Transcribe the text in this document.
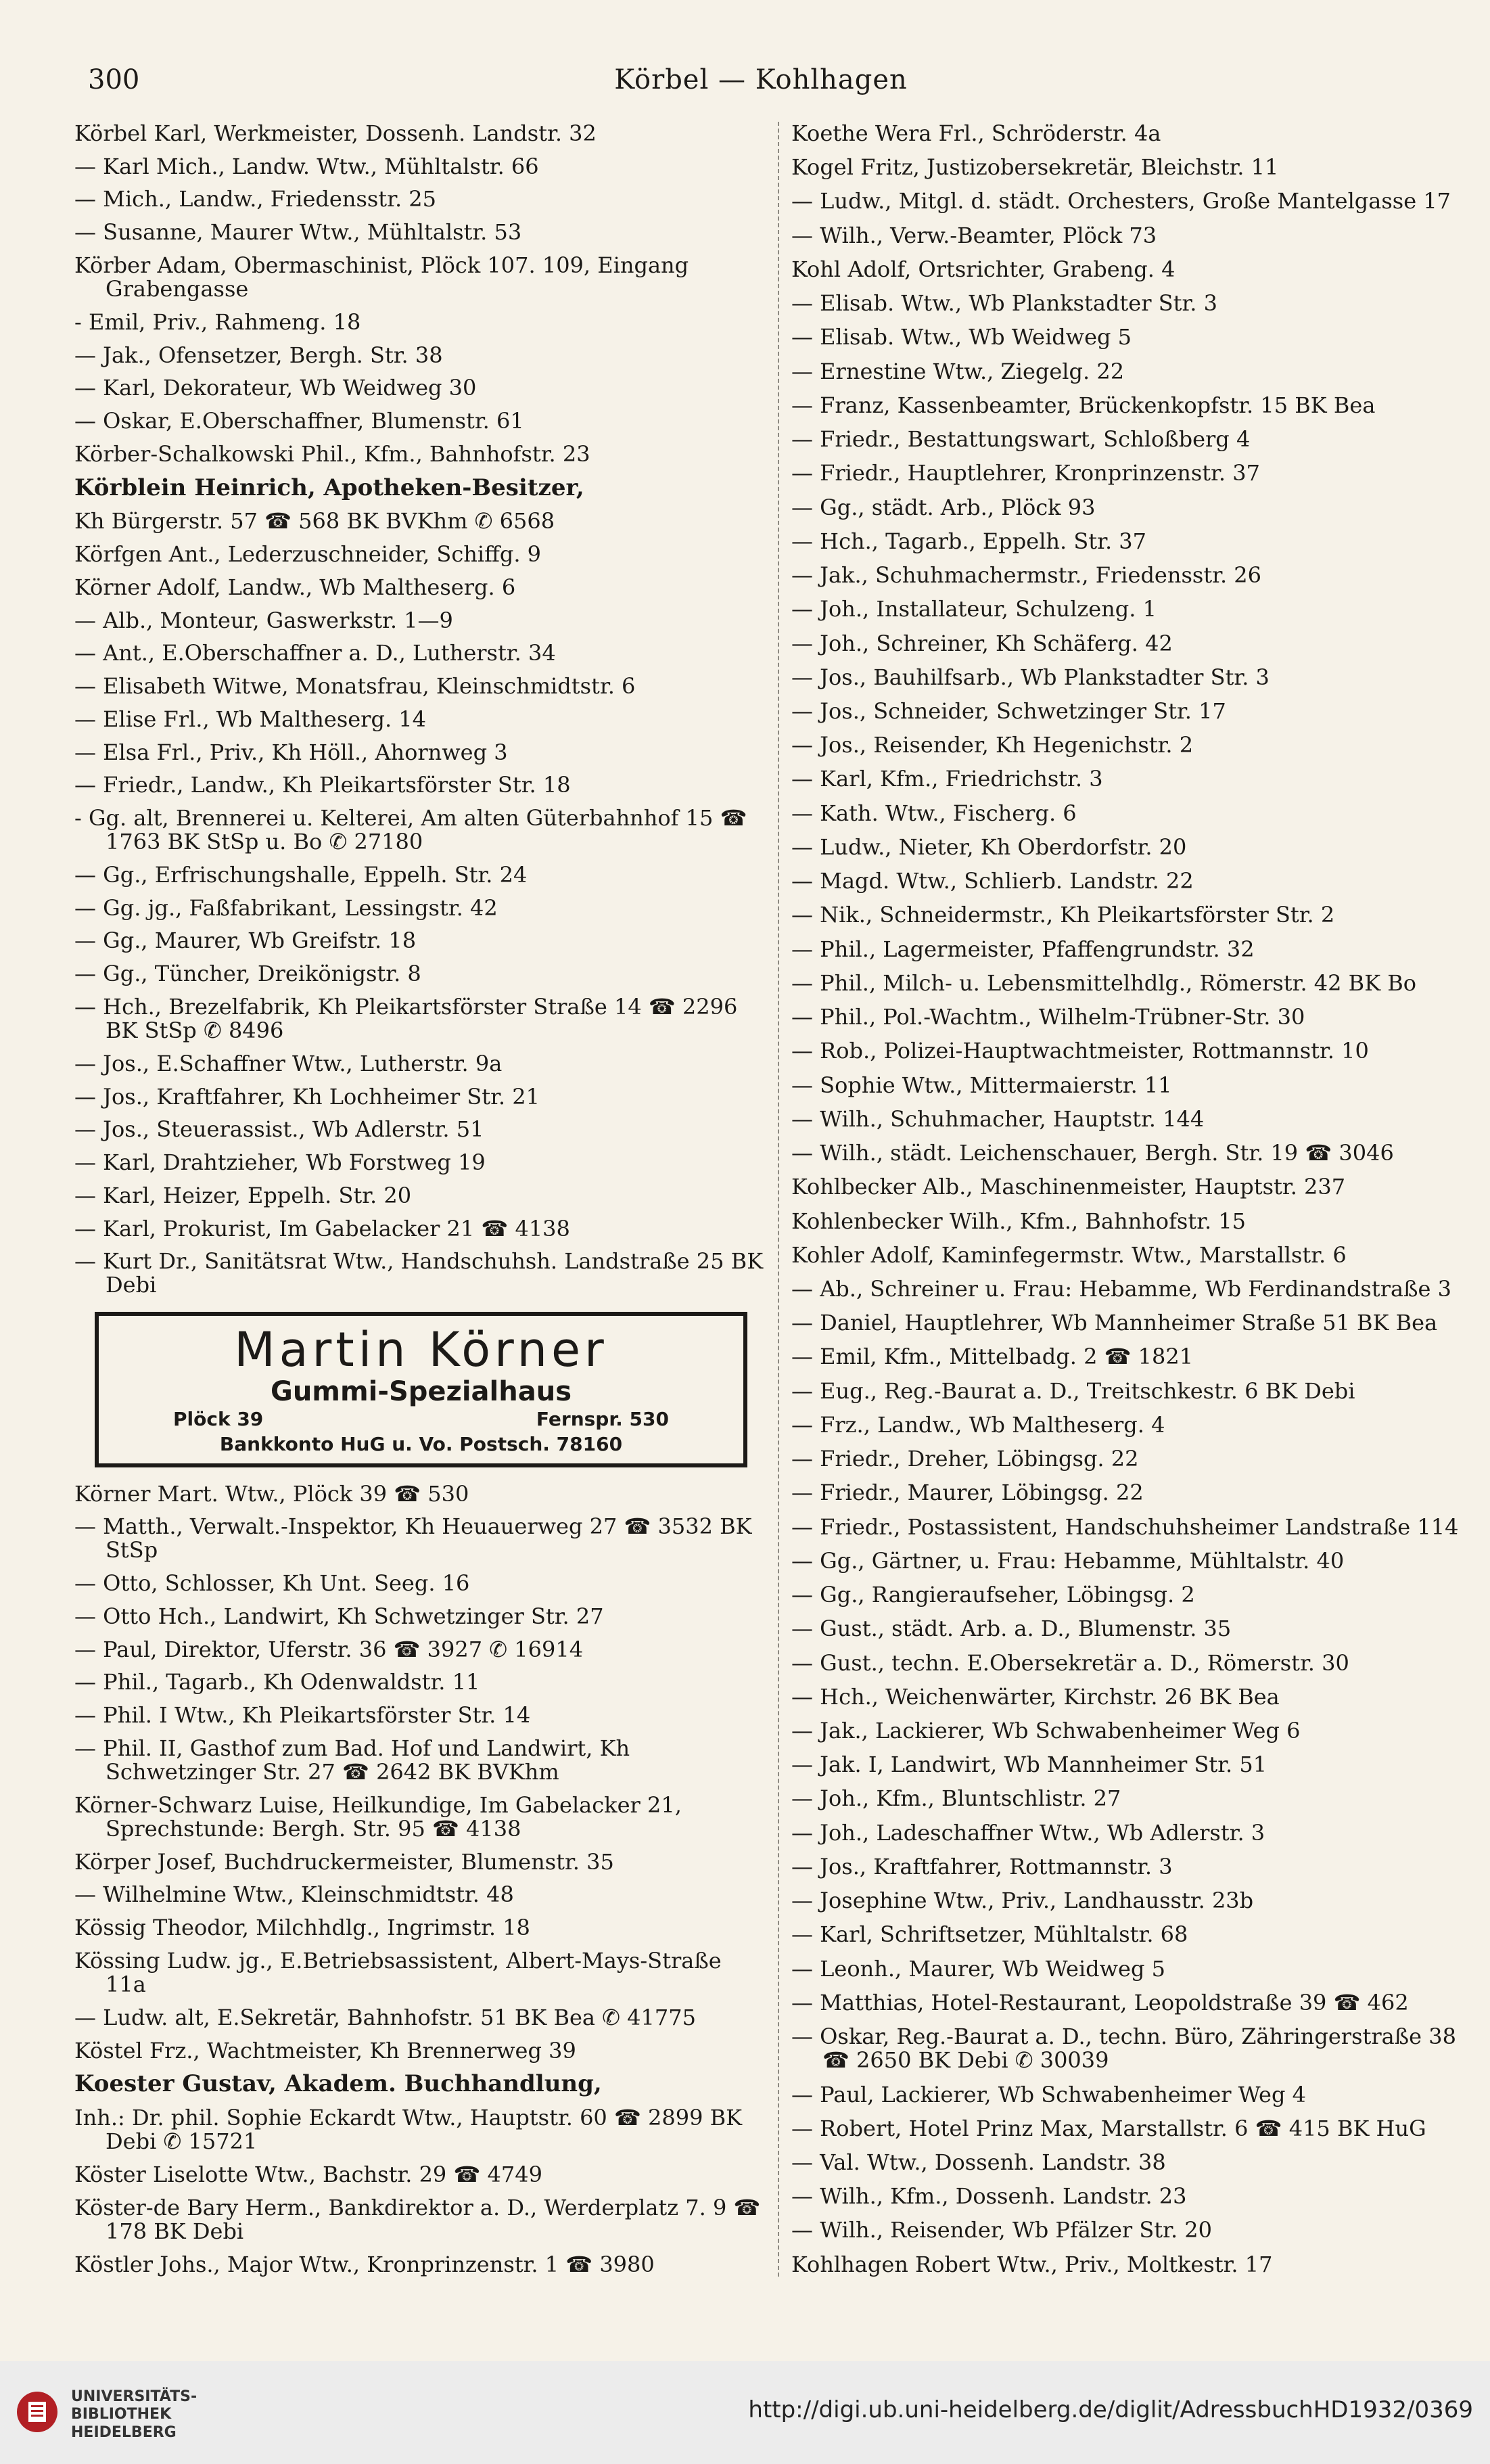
300	Körbel — Kohlhagen
Körbel Karl, Werkmeister, Dossenh. Landstr. 32
— Karl Mich., Landw. Wtw., Mühltalstr. 66
— Mich., Landw., Friedensstr. 25
— Susanne, Maurer Wtw., Mühltalstr. 53
Körber Adam, Obermaschinist, Plöck 107. 109, Eingang Grabengasse
- Emil, Priv., Rahmeng. 18
— Jak., Ofensetzer, Bergh. Str. 38
— Karl, Dekorateur, Wb Weidweg 30
— Oskar, E.Oberschaffner, Blumenstr. 61
Körber-Schalkowski Phil., Kfm., Bahnhofstr. 23
Körblein Heinrich, Apotheken-Besitzer,
Kh Bürgerstr. 57 ☎ 568 BK BVKhm ✆ 6568
Körfgen Ant., Lederzuschneider, Schiffg. 9
Körner Adolf, Landw., Wb Maltheserg. 6
— Alb., Monteur, Gaswerkstr. 1—9
— Ant., E.Oberschaffner a. D., Lutherstr. 34
— Elisabeth Witwe, Monatsfrau, Kleinschmidtstr. 6
— Elise Frl., Wb Maltheserg. 14
— Elsa Frl., Priv., Kh Höll., Ahornweg 3
— Friedr., Landw., Kh Pleikartsförster Str. 18
- Gg. alt, Brennerei u. Kelterei, Am alten Güterbahnhof 15 ☎ 1763 BK StSp u. Bo ✆ 27180
— Gg., Erfrischungshalle, Eppelh. Str. 24
— Gg. jg., Faßfabrikant, Lessingstr. 42
— Gg., Maurer, Wb Greifstr. 18
— Gg., Tüncher, Dreikönigstr. 8
— Hch., Brezelfabrik, Kh Pleikartsförster Straße 14 ☎ 2296 BK StSp ✆ 8496
— Jos., E.Schaffner Wtw., Lutherstr. 9a
— Jos., Kraftfahrer, Kh Lochheimer Str. 21
— Jos., Steuerassist., Wb Adlerstr. 51
— Karl, Drahtzieher, Wb Forstweg 19
— Karl, Heizer, Eppelh. Str. 20
— Karl, Prokurist, Im Gabelacker 21 ☎ 4138
— Kurt Dr., Sanitätsrat Wtw., Handschuhsh. Landstraße 25 BK Debi
Martin Körner
Gummi-Spezialhaus
Plöck 39	Fernspr. 530
Bankkonto HuG u. Vo. Postsch. 78160
Körner Mart. Wtw., Plöck 39 ☎ 530
— Matth., Verwalt.-Inspektor, Kh Heuauerweg 27 ☎ 3532 BK StSp
— Otto, Schlosser, Kh Unt. Seeg. 16
— Otto Hch., Landwirt, Kh Schwetzinger Str. 27
— Paul, Direktor, Uferstr. 36 ☎ 3927 ✆ 16914
— Phil., Tagarb., Kh Odenwaldstr. 11
— Phil. I Wtw., Kh Pleikartsförster Str. 14
— Phil. II, Gasthof zum Bad. Hof und Landwirt, Kh Schwetzinger Str. 27 ☎ 2642 BK BVKhm
Körner-Schwarz Luise, Heilkundige, Im Gabelacker 21, Sprechstunde: Bergh. Str. 95 ☎ 4138
Körper Josef, Buchdruckermeister, Blumenstr. 35
— Wilhelmine Wtw., Kleinschmidtstr. 48
Kössig Theodor, Milchhdlg., Ingrimstr. 18
Kössing Ludw. jg., E.Betriebsassistent, Albert-Mays-Straße 11a
— Ludw. alt, E.Sekretär, Bahnhofstr. 51 BK Bea ✆ 41775
Köstel Frz., Wachtmeister, Kh Brennerweg 39
Koester Gustav, Akadem. Buchhandlung,
Inh.: Dr. phil. Sophie Eckardt Wtw., Hauptstr. 60 ☎ 2899 BK Debi ✆ 15721
Köster Liselotte Wtw., Bachstr. 29 ☎ 4749
Köster-de Bary Herm., Bankdirektor a. D., Werderplatz 7. 9 ☎ 178 BK Debi
Köstler Johs., Major Wtw., Kronprinzenstr. 1 ☎ 3980
Koethe Wera Frl., Schröderstr. 4a
Kogel Fritz, Justizobersekretär, Bleichstr. 11
— Ludw., Mitgl. d. städt. Orchesters, Große Mantelgasse 17
— Wilh., Verw.-Beamter, Plöck 73
Kohl Adolf, Ortsrichter, Grabeng. 4
— Elisab. Wtw., Wb Plankstadter Str. 3
— Elisab. Wtw., Wb Weidweg 5
— Ernestine Wtw., Ziegelg. 22
— Franz, Kassenbeamter, Brückenkopfstr. 15 BK Bea
— Friedr., Bestattungswart, Schloßberg 4
— Friedr., Hauptlehrer, Kronprinzenstr. 37
— Gg., städt. Arb., Plöck 93
— Hch., Tagarb., Eppelh. Str. 37
— Jak., Schuhmachermstr., Friedensstr. 26
— Joh., Installateur, Schulzeng. 1
— Joh., Schreiner, Kh Schäferg. 42
— Jos., Bauhilfsarb., Wb Plankstadter Str. 3
— Jos., Schneider, Schwetzinger Str. 17
— Jos., Reisender, Kh Hegenichstr. 2
— Karl, Kfm., Friedrichstr. 3
— Kath. Wtw., Fischerg. 6
— Ludw., Nieter, Kh Oberdorfstr. 20
— Magd. Wtw., Schlierb. Landstr. 22
— Nik., Schneidermstr., Kh Pleikartsförster Str. 2
— Phil., Lagermeister, Pfaffengrundstr. 32
— Phil., Milch- u. Lebensmittelhdlg., Römerstr. 42 BK Bo
— Phil., Pol.-Wachtm., Wilhelm-Trübner-Str. 30
— Rob., Polizei-Hauptwachtmeister, Rottmannstr. 10
— Sophie Wtw., Mittermaierstr. 11
— Wilh., Schuhmacher, Hauptstr. 144
— Wilh., städt. Leichenschauer, Bergh. Str. 19 ☎ 3046
Kohlbecker Alb., Maschinenmeister, Hauptstr. 237
Kohlenbecker Wilh., Kfm., Bahnhofstr. 15
Kohler Adolf, Kaminfegermstr. Wtw., Marstallstr. 6
— Ab., Schreiner u. Frau: Hebamme, Wb Ferdinandstraße 3
— Daniel, Hauptlehrer, Wb Mannheimer Straße 51 BK Bea
— Emil, Kfm., Mittelbadg. 2 ☎ 1821
— Eug., Reg.-Baurat a. D., Treitschkestr. 6 BK Debi
— Frz., Landw., Wb Maltheserg. 4
— Friedr., Dreher, Löbingsg. 22
— Friedr., Maurer, Löbingsg. 22
— Friedr., Postassistent, Handschuhsheimer Landstraße 114
— Gg., Gärtner, u. Frau: Hebamme, Mühltalstr. 40
— Gg., Rangieraufseher, Löbingsg. 2
— Gust., städt. Arb. a. D., Blumenstr. 35
— Gust., techn. E.Obersekretär a. D., Römerstr. 30
— Hch., Weichenwärter, Kirchstr. 26 BK Bea
— Jak., Lackierer, Wb Schwabenheimer Weg 6
— Jak. I, Landwirt, Wb Mannheimer Str. 51
— Joh., Kfm., Bluntschlistr. 27
— Joh., Ladeschaffner Wtw., Wb Adlerstr. 3
— Jos., Kraftfahrer, Rottmannstr. 3
— Josephine Wtw., Priv., Landhausstr. 23b
— Karl, Schriftsetzer, Mühltalstr. 68
— Leonh., Maurer, Wb Weidweg 5
— Matthias, Hotel-Restaurant, Leopoldstraße 39 ☎ 462
— Oskar, Reg.-Baurat a. D., techn. Büro, Zähringerstraße 38 ☎ 2650 BK Debi ✆ 30039
— Paul, Lackierer, Wb Schwabenheimer Weg 4
— Robert, Hotel Prinz Max, Marstallstr. 6 ☎ 415 BK HuG
— Val. Wtw., Dossenh. Landstr. 38
— Wilh., Kfm., Dossenh. Landstr. 23
— Wilh., Reisender, Wb Pfälzer Str. 20
Kohlhagen Robert Wtw., Priv., Moltkestr. 17
UNIVERSITÄTS-
BIBLIOTHEK
HEIDELBERG
http://digi.ub.uni-heidelberg.de/diglit/AdressbuchHD1932/0369
